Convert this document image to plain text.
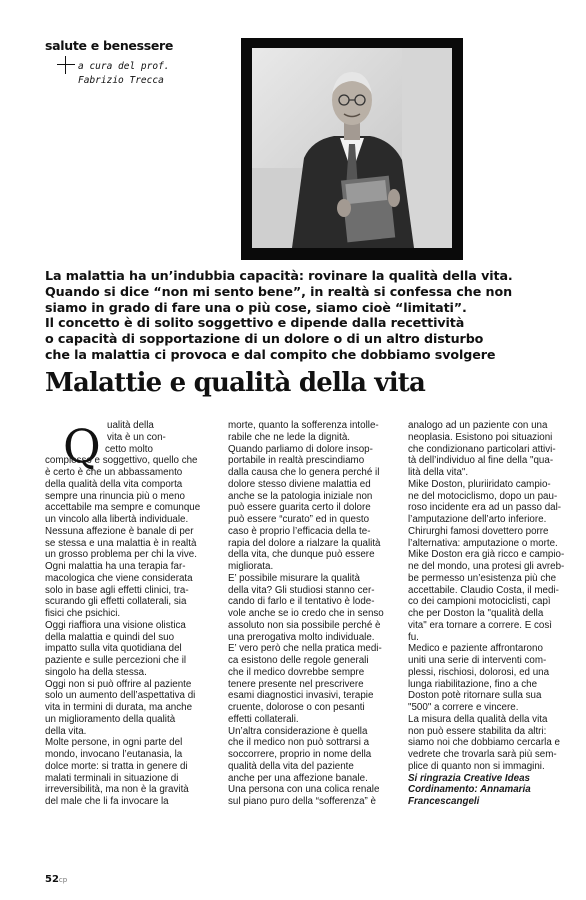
salute e benessere
a cura del prof.
Fabrizio Trecca

La malattia ha un’indubbia capacità: rovinare la qualità della vita.

Quando si dice “non mi sento bene”, in realtà si confessa che non

siamo in grado di fare una o più cose, siamo cioè “limitati”.

Il concetto è di solito soggettivo e dipende dalla recettività

o capacità di sopportazione di un dolore o di un altro disturbo

che la malattia ci provoca e dal compito che dobbiamo svolgere

Malattie e qualità della vita
Q ualità della

vita è un con-

cetto molto

complesso e soggettivo, quello che

è certo è che un abbassamento

della qualità della vita comporta

sempre una rinuncia più o meno

accettabile ma sempre e comunque

un vincolo alla libertà individuale.

Nessuna affezione è banale di per

se stessa e una malattia è in realtà

un grosso problema per chi la vive.

Ogni malattia ha una terapia far-

macologica che viene considerata

solo in base agli effetti clinici, tra-

scurando gli effetti collaterali, sia

fisici che psichici.

Oggi riaffiora una visione olistica

della malattia e quindi del suo

impatto sulla vita quotidiana del

paziente e sulle percezioni che il

singolo ha della stessa.

Oggi non si può offrire al paziente

solo un aumento dell’aspettativa di

vita in termini di durata, ma anche

un miglioramento della qualità

della vita.

Molte persone, in ogni parte del

mondo, invocano l’eutanasia, la

dolce morte: si tratta in genere di

malati terminali in situazione di

irreversibilità, ma non è la gravità

del male che li fa invocare la

morte, quanto la sofferenza intolle-

rabile che ne lede la dignità.

Quando parliamo di dolore insop-

portabile in realtà prescindiamo

dalla causa che lo genera perché il

dolore stesso diviene malattia ed

anche se la patologia iniziale non

può essere guarita certo il dolore

può essere “curato” ed in questo

caso è proprio l’efficacia della te-

rapia del dolore a rialzare la qualità

della vita, che dunque può essere

migliorata.

E’ possibile misurare la qualità

della vita? Gli studiosi stanno cer-

cando di farlo e il tentativo è lode-

vole anche se io credo che in senso

assoluto non sia possibile perché è

una prerogativa molto individuale.

E’ vero però che nella pratica medi-

ca esistono delle regole generali

che il medico dovrebbe sempre

tenere presente nel prescrivere

esami diagnostici invasivi, terapie

cruente, dolorose o con pesanti

effetti collaterali.

Un’altra considerazione è quella

che il medico non può sottrarsi a

soccorrere, proprio in nome della

qualità della vita del paziente

anche per una affezione banale.

Una persona con una colica renale

sul piano puro della “sofferenza” è

analogo ad un paziente con una

neoplasia. Esistono poi situazioni

che condizionano particolari attivi-

tà dell’individuo al fine della "qua-

lità della vita".

Mike Doston, pluriiridato campio-

ne del motociclismo, dopo un pau-

roso incidente era ad un passo dal-

l’amputazione dell’arto inferiore.

Chirurghi famosi dovettero porre

l’alternativa: amputazione o morte.

Mike Doston era già ricco e campio-

ne del mondo, una protesi gli avreb-

be permesso un’esistenza più che

accettabile. Claudio Costa, il medi-

co dei campioni motociclisti, capì

che per Doston la "qualità della

vita" era tornare a correre. E così

fu.

Medico e paziente affrontarono

uniti una serie di interventi com-

plessi, rischiosi, dolorosi, ed una

lunga riabilitazione, fino a che

Doston potè ritornare sulla sua

"500" a correre e vincere.

La misura della qualità della vita

non può essere stabilita da altri:

siamo noi che dobbiamo cercarla e

vedrete che trovarla sarà più sem-

plice di quanto non si immagini.

Si ringrazia Creative Ideas

Cordinamento: Annamaria

Francescangeli

52cp
